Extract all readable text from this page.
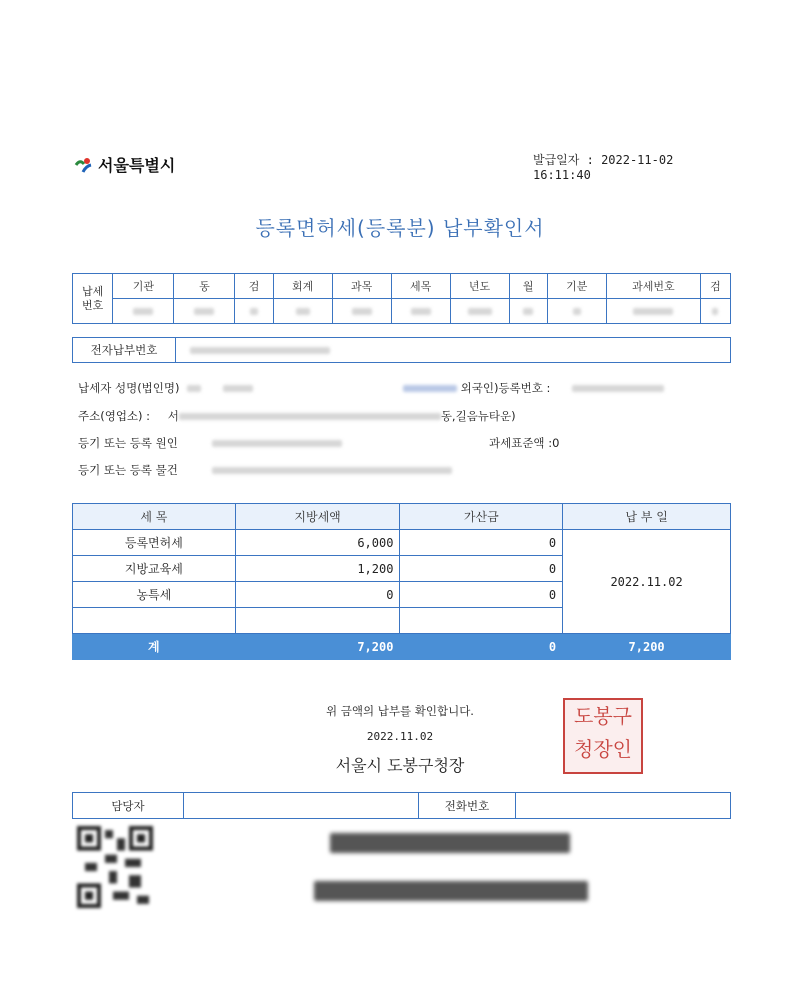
서울특별시	발급일자 : 2022-11-02
16:11:40
등록면허세(등록분) 납부확인서
납세
번호	기관	동	검	회계	과목	세목	년도	월	기분	과세번호	검

전자납부번호
납세자 성명(법인명)	외국인)등록번호 :
주소(영업소) : 서	동,길음뉴타운)
등기 또는 등록 원인	과세표준액 :0
등기 또는 등록 물건
세 목	지방세액	가산금	납 부 일
등록면허세	6,000	0	2022.11.02
지방교육세	1,200	0	
농특세	0	0	

계	7,200	0	7,200
위 금액의 납부를 확인합니다.
2022.11.02
서울시 도봉구청장
도봉구
청장인
담당자	전화번호
